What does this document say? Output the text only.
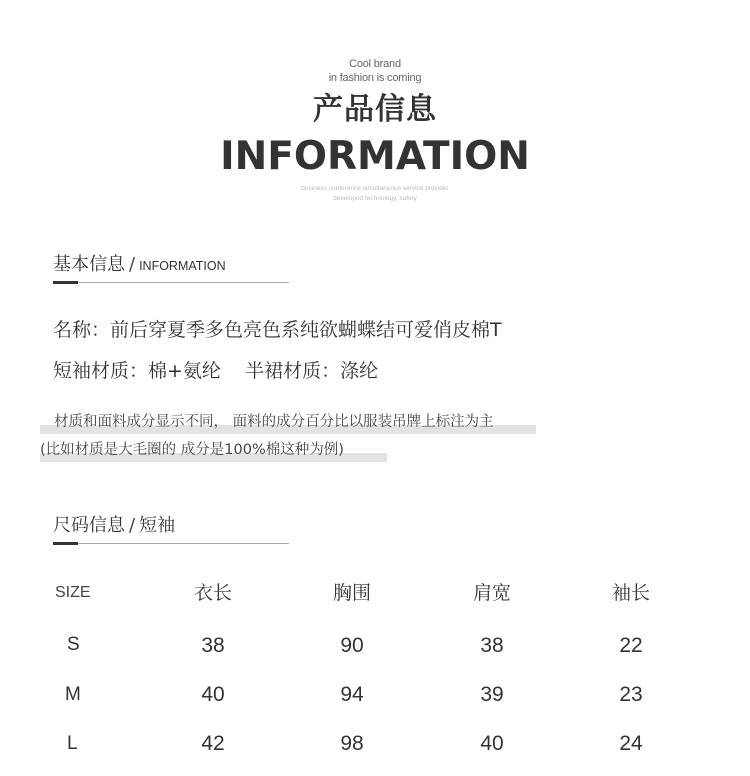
Cool brand
in fashion is coming
产品信息
INFORMATION
business conference simultaneous service provider
developed technology, safety
基本信息 / INFORMATION
名称：前后穿夏季多色亮色系纯欲蝴蝶结可爱俏皮棉T
短袖材质：棉+氨纶    半裙材质：涤纶
材质和面料成分显示不同， 面料的成分百分比以服装吊牌上标注为主
(比如材质是大毛圈的 成分是100%棉这种为例)
尺码信息 / 短袖
SIZE	衣长	胸围	肩宽	袖长
S	38	90	38	22
M	40	94	39	23
L	42	98	40	24
